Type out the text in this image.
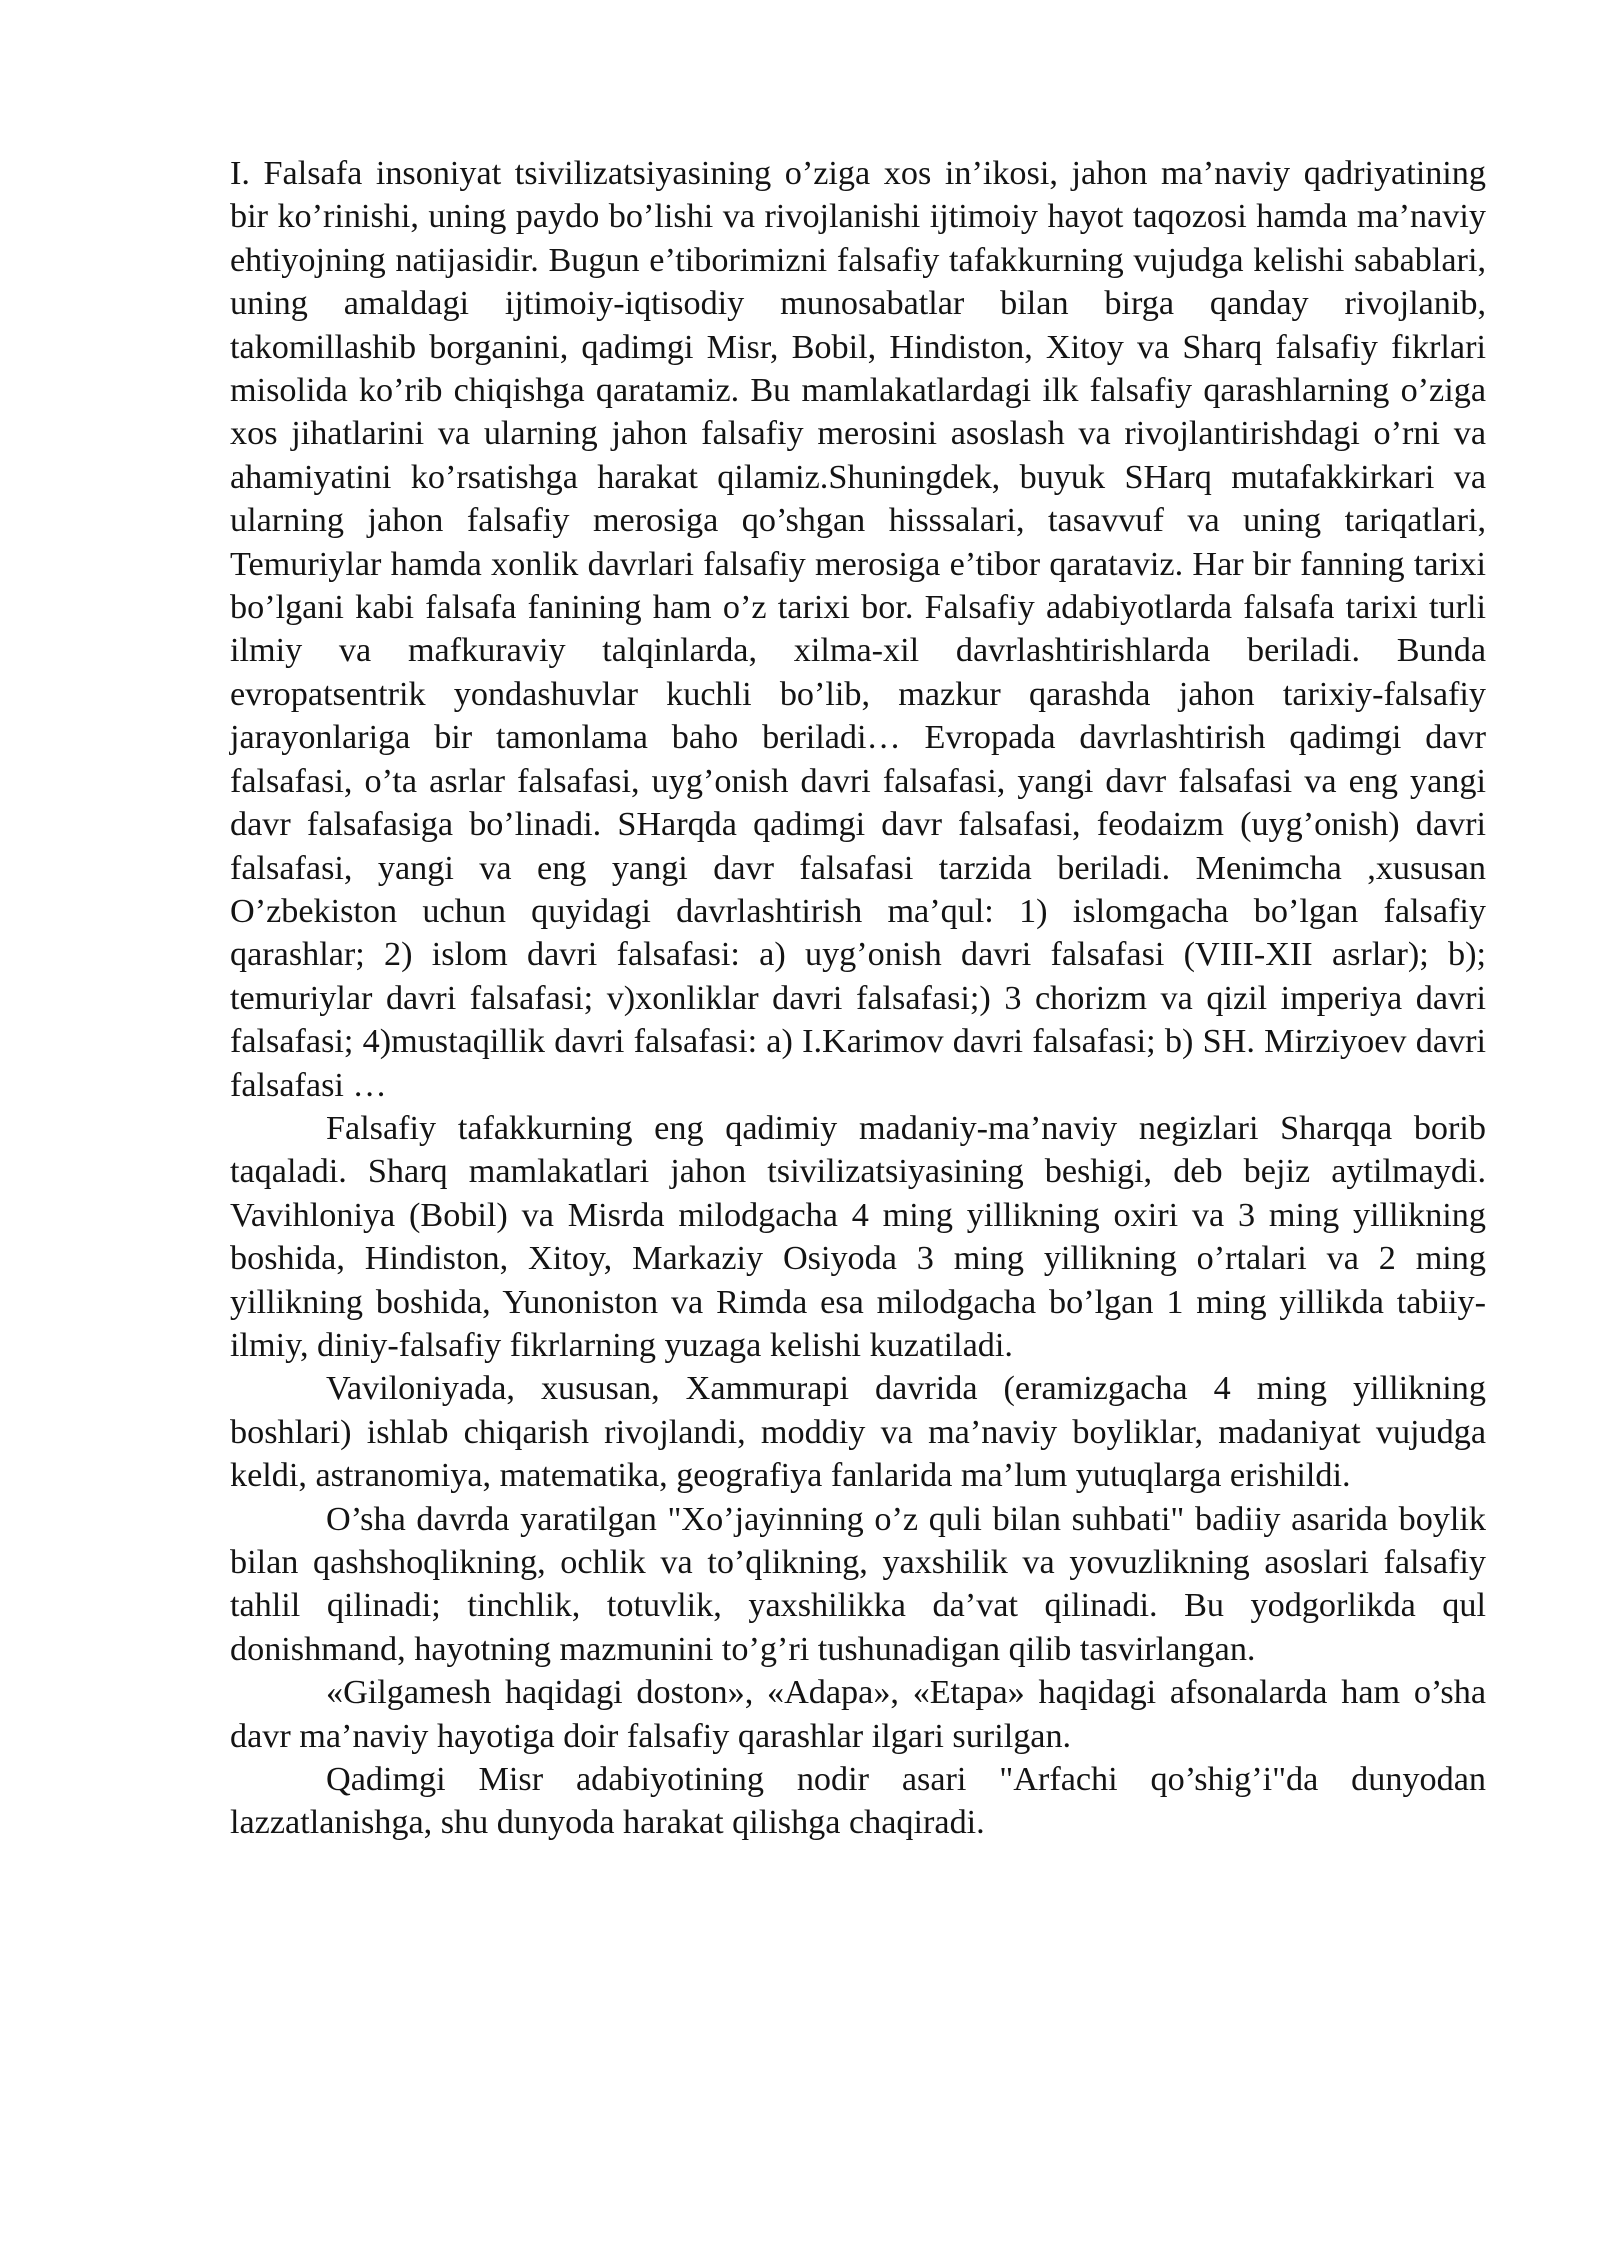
I. Falsafa insoniyat tsivilizatsiyasining o’ziga xos in’ikosi, jahon ma’naviy qadriyatining bir ko’rinishi, uning paydo bo’lishi va rivojlanishi ijtimoiy hayot taqozosi hamda ma’naviy ehtiyojning natijasidir. Bugun e’tiborimizni falsafiy tafakkurning vujudga kelishi sabablari, uning amaldagi ijtimoiy-iqtisodiy munosabatlar bilan birga qanday rivojlanib, takomillashib borganini, qadimgi Misr, Bobil, Hindiston, Xitoy va Sharq falsafiy fikrlari misolida ko’rib chiqishga qaratamiz. Bu mamlakatlardagi ilk falsafiy qarashlarning o’ziga xos jihatlarini va ularning jahon falsafiy merosini asoslash va rivojlantirishdagi o’rni va ahamiyatini ko’rsatishga harakat qilamiz.Shuningdek, buyuk SHarq mutafakkirkari va ularning jahon falsafiy merosiga qo’shgan hisssalari, tasavvuf va uning tariqatlari, Temuriylar hamda xonlik davrlari falsafiy merosiga e’tibor qarataviz. Har bir fanning tarixi bo’lgani kabi falsafa fanining ham o’z tarixi bor. Falsafiy adabiyotlarda falsafa tarixi turli ilmiy va mafkuraviy talqinlarda, xilma-xil davrlashtirishlarda beriladi. Bunda evropatsentrik yondashuvlar kuchli bo’lib, mazkur qarashda jahon tarixiy-falsafiy jarayonlariga bir tamonlama baho beriladi… Evropada davrlashtirish qadimgi davr falsafasi, o’ta asrlar falsafasi, uyg’onish davri falsafasi, yangi davr falsafasi va eng yangi davr falsafasiga bo’linadi. SHarqda qadimgi davr falsafasi, feodaizm (uyg’onish) davri falsafasi, yangi va eng yangi davr falsafasi tarzida beriladi. Menimcha ,xususan O’zbekiston uchun quyidagi davrlashtirish ma’qul: 1) islomgacha bo’lgan falsafiy qarashlar; 2) islom davri falsafasi: a) uyg’onish davri falsafasi (VIII-XII asrlar); b); temuriylar davri falsafasi; v)xonliklar davri falsafasi;) 3 chorizm va qizil imperiya davri falsafasi; 4)mustaqillik davri falsafasi: a) I.Karimov davri falsafasi; b) SH. Mirziyoev davri falsafasi …

Falsafiy tafakkurning eng qadimiy madaniy-ma’naviy negizlari Sharqqa borib taqaladi. Sharq mamlakatlari jahon tsivilizatsiyasining beshigi, deb bejiz aytilmaydi. Vavihloniya (Bobil) va Misrda milodgacha 4 ming yillikning oxiri va 3 ming yillikning boshida, Hindiston, Xitoy, Markaziy Osiyoda 3 ming yillikning o’rtalari va 2 ming yillikning boshida, Yunoniston va Rimda esa milodgacha bo’lgan 1 ming yillikda tabiiy-ilmiy, diniy-falsafiy fikrlarning yuzaga kelishi kuzatiladi.

Vaviloniyada, xususan, Xammurapi davrida (eramizgacha 4 ming yillikning boshlari) ishlab chiqarish rivojlandi, moddiy va ma’naviy boyliklar, madaniyat vujudga keldi, astranomiya, matematika, geografiya fanlarida ma’lum yutuqlarga erishildi.

O’sha davrda yaratilgan "Xo’jayinning o’z quli bilan suhbati" badiiy asarida boylik bilan qashshoqlikning, ochlik va to’qlikning, yaxshilik va yovuzlikning asoslari falsafiy tahlil qilinadi; tinchlik, totuvlik, yaxshilikka da’vat qilinadi. Bu yodgorlikda qul donishmand, hayotning mazmunini to’g’ri tushunadigan qilib tasvirlangan.

«Gilgamesh haqidagi doston», «Adapa», «Etapa» haqidagi afsonalarda ham o’sha davr ma’naviy hayotiga doir falsafiy qarashlar ilgari surilgan.

Qadimgi Misr adabiyotining nodir asari "Arfachi qo’shig’i"da dunyodan lazzatlanishga, shu dunyoda harakat qilishga chaqiradi.
